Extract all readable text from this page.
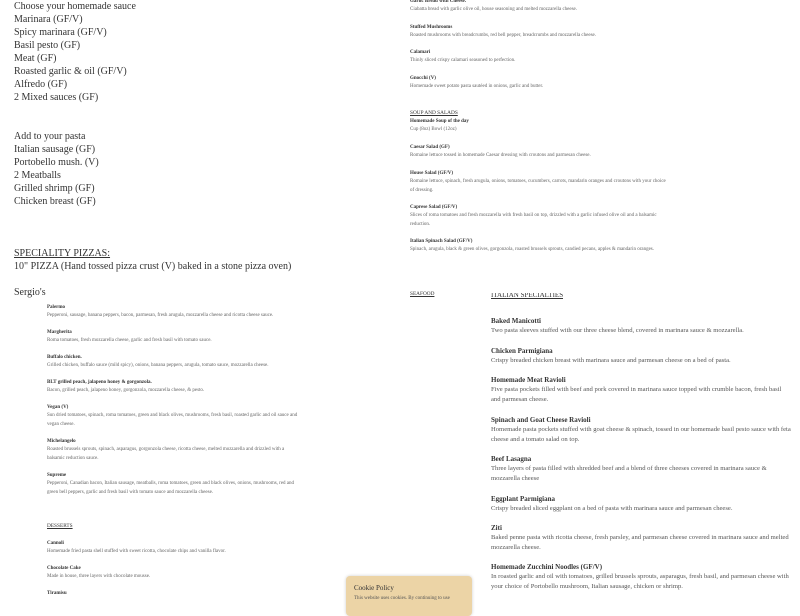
Marinara (GF/V)
Spicy marinara (GF/V)
Basil pesto (GF)
Meat (GF)
Roasted garlic & oil (GF/V)
Alfredo (GF)
2 Mixed sauces (GF)
Italian sausage (GF)
Portobello mush. (V)
2 Meatballs
Grilled shrimp (GF)
Chicken breast (GF)
Palermo
Pepperoni, sausage, banana peppers, bacon, parmesan, fresh arugula, mozzarella cheese and ricotta cheese sauce.
Margherita
Roma tomatoes, fresh mozzarella cheese, garlic and fresh basil with tomato sauce.
Buffalo chicken.
Grilled chicken, buffalo sauce (mild spicy), onions, banana peppers, arugula, tomato sauce, mozzarella cheese.
BLT grilled peach, jalapeno honey & gorgonzola.
Bacon, grilled peach, jalapeno honey, gorgonzola, mozzarella cheese, & pesto.
Vegan (V)
Sun dried tomatoes, spinach, roma tomatoes, green and black olives, mushrooms, fresh basil, roasted garlic and oil sauce and vegan cheese.
Michelangelo
Roasted brussels sprouts, spinach, asparagus, gorgonzola cheese, ricotta cheese, melted mozzarella and drizzled with a balsamic reduction sauce.
Supreme
Pepperoni, Canadian bacon, Italian sausage, meatballs, roma tomatoes, green and black olives, onions, mushrooms, red and green bell peppers, garlic and fresh basil with tomato sauce and mozzarella cheese.
Cannoli
Homemade fried pasta shell stuffed with sweet ricotta, chocolate chips and vanilla flavor.
Chocolate Cake
Made in house, three layers with chocolate mousse.
Tiramisu
Garlic Bread with Cheese.
Ciabatta bread with garlic olive oil, house seasoning and melted mozzarella cheese.
Stuffed Mushrooms
Roasted mushrooms with breadcrumbs, red bell pepper, breadcrumbs and mozzarella cheese.
Calamari
Thinly sliced crispy calamari seasoned to perfection.
Gnocchi (V)
Homemade sweet potato pasta sautéed in onions, garlic and butter.
Homemade Soup of the day
Cup (8oz) Bowl (12oz)
Caesar Salad (GF)
Romaine lettuce tossed in homemade Caesar dressing with croutons and parmesan cheese.
House Salad (GF/V)
Romaine lettuce, spinach, fresh arugula, onions, tomatoes, cucumbers, carrots, mandarin oranges and croutons with your choice of dressing.
Caprese Salad (GF/V)
Slices of roma tomatoes and fresh mozzarella with fresh basil on top, drizzled with a garlic infused olive oil and a balsamic reduction.
Italian Spinach Salad (GF/V)
Spinach, arugula, black & green olives, gorgonzola, roasted brussels sprouts, candied pecans, apples & mandarin oranges.
Baked Manicotti
Two pasta sleeves stuffed with our three cheese blend, covered in marinara sauce & mozzarella.
Chicken Parmigiana
Crispy breaded chicken breast with marinara sauce and parmesan cheese on a bed of pasta.
Homemade Meat Ravioli
Five pasta pockets filled with beef and pork covered in marinara sauce topped with crumble bacon, fresh basil and parmesan cheese.
Spinach and Goat Cheese Ravioli
Homemade pasta pockets stuffed with goat cheese & spinach, tossed in our homemade basil pesto sauce with feta cheese and a tomato salad on top.
Beef Lasagna
Three layers of pasta filled with shredded beef and a blend of three cheeses covered in marinara sauce & mozzarella cheese
Eggplant Parmigiana
Crispy breaded sliced eggplant on a bed of pasta with marinara sauce and parmesan cheese.
Ziti
Baked penne pasta with ricotta cheese, fresh parsley, and parmesan cheese covered in marinara sauce and melted mozzarella cheese.
Homemade Zucchini Noodles (GF/V)
In roasted garlic and oil with tomatoes, grilled brussels sprouts, asparagus, fresh basil, and parmesan cheese with your choice of Portobello mushroom, Italian sausage, chicken or shrimp.
SOUP AND SALADS
SEAFOOD	ITALIAN SPECIALTIES
DESSERTS
Choose your homemade sauce
Add to your pasta
SPECIALITY PIZZAS:
10" PIZZA (Hand tossed pizza crust (V) baked in a stone pizza oven)
Sergio's
Cookie Policy
This website uses cookies. By continuing to use
